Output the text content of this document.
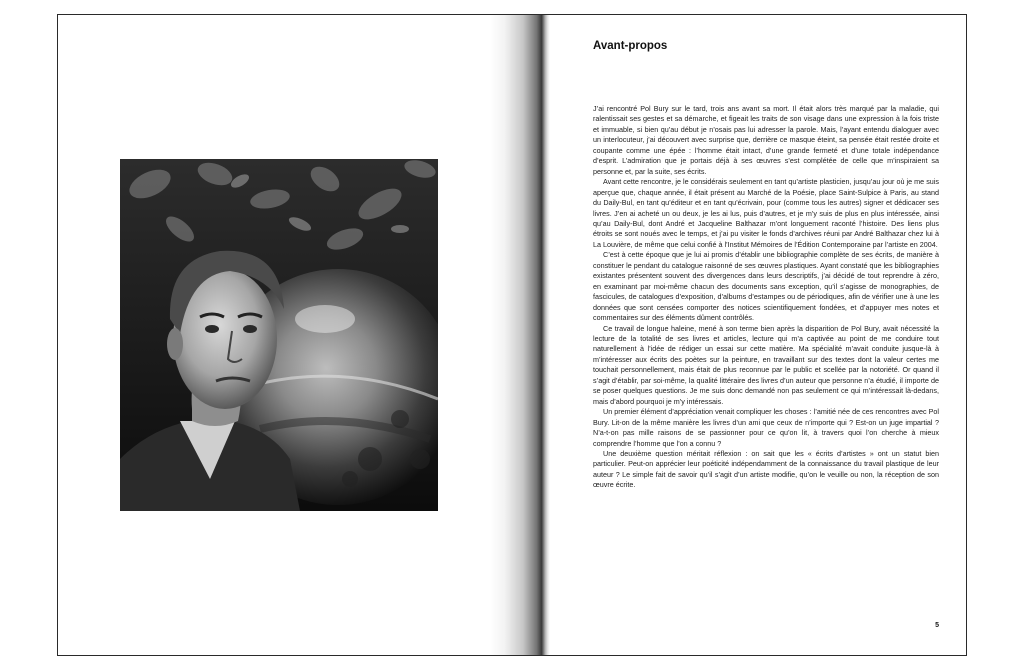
Avant-propos

J’ai rencontré Pol Bury sur le tard, trois ans avant sa mort. Il était alors très marqué par la maladie, qui ralentissait ses gestes et sa démarche, et figeait les traits de son visage dans une expression à la fois triste et immuable, si bien qu’au début je n’osais pas lui adresser la parole. Mais, l’ayant entendu dialoguer avec un interlocuteur, j’ai découvert avec surprise que, derrière ce masque éteint, sa pensée était restée droite et coupante comme une épée : l’homme était intact, d’une grande fermeté et d’une totale indépendance d’esprit. L’admiration que je portais déjà à ses œuvres s’est complétée de celle que m’inspiraient sa personne et, par la suite, ses écrits.

Avant cette rencontre, je le considérais seulement en tant qu’artiste plasticien, jusqu’au jour où je me suis aperçue que, chaque année, il était présent au Marché de la Poésie, place Saint-Sulpice à Paris, au stand du Daily-Bul, en tant qu’éditeur et en tant qu’écrivain, pour (comme tous les autres) signer et dédicacer ses livres. J’en ai acheté un ou deux, je les ai lus, puis d’autres, et je m’y suis de plus en plus intéressée, ainsi qu’au Daily-Bul, dont André et Jacqueline Balthazar m’ont longuement raconté l’histoire. Des liens plus étroits se sont noués avec le temps, et j’ai pu visiter le fonds d’archives réuni par André Balthazar chez lui à La Louvière, de même que celui confié à l’Institut Mémoires de l’Édition Contemporaine par l’artiste en 2004.

C’est à cette époque que je lui ai promis d’établir une bibliographie complète de ses écrits, de manière à constituer le pendant du catalogue raisonné de ses œuvres plastiques. Ayant constaté que les bibliographies existantes présentent souvent des divergences dans leurs descriptifs, j’ai décidé de tout reprendre à zéro, en examinant par moi-même chacun des documents sans exception, qu’il s’agisse de monographies, de fascicules, de catalogues d’exposition, d’albums d’estampes ou de périodiques, afin de vérifier une à une les données que sont censées comporter des notices scientifiquement fondées, et d’appuyer mes notes et commentaires sur des éléments dûment contrôlés.

Ce travail de longue haleine, mené à son terme bien après la disparition de Pol Bury, avait nécessité la lecture de la totalité de ses livres et articles, lecture qui m’a captivée au point de me conduire tout naturellement à l’idée de rédiger un essai sur cette matière. Ma spécialité m’avait conduite jusque-là à m’intéresser aux écrits des poètes sur la peinture, en travaillant sur des textes dont la valeur certes me touchait personnellement, mais était de plus reconnue par le public et scellée par la notoriété. Or quand il s’agit d’établir, par soi-même, la qualité littéraire des livres d’un auteur que personne n’a étudié, il importe de se poser quelques questions. Je me suis donc demandé non pas seulement ce qui m’intéressait là-dedans, mais d’abord pourquoi je m’y intéressais.

Un premier élément d’appréciation venait compliquer les choses : l’amitié née de ces rencontres avec Pol Bury. Lit-on de la même manière les livres d’un ami que ceux de n’importe qui ? Est-on un juge impartial ? N’a-t-on pas mille raisons de se passionner pour ce qu’on lit, à travers quoi l’on cherche à mieux comprendre l’homme que l’on a connu ?

Une deuxième question méritait réflexion : on sait que les « écrits d’artistes » ont un statut bien particulier. Peut-on apprécier leur poéticité indépendamment de la connaissance du travail plastique de leur auteur ? Le simple fait de savoir qu’il s’agit d’un artiste modifie, qu’on le veuille ou non, la réception de son œuvre écrite.

5
